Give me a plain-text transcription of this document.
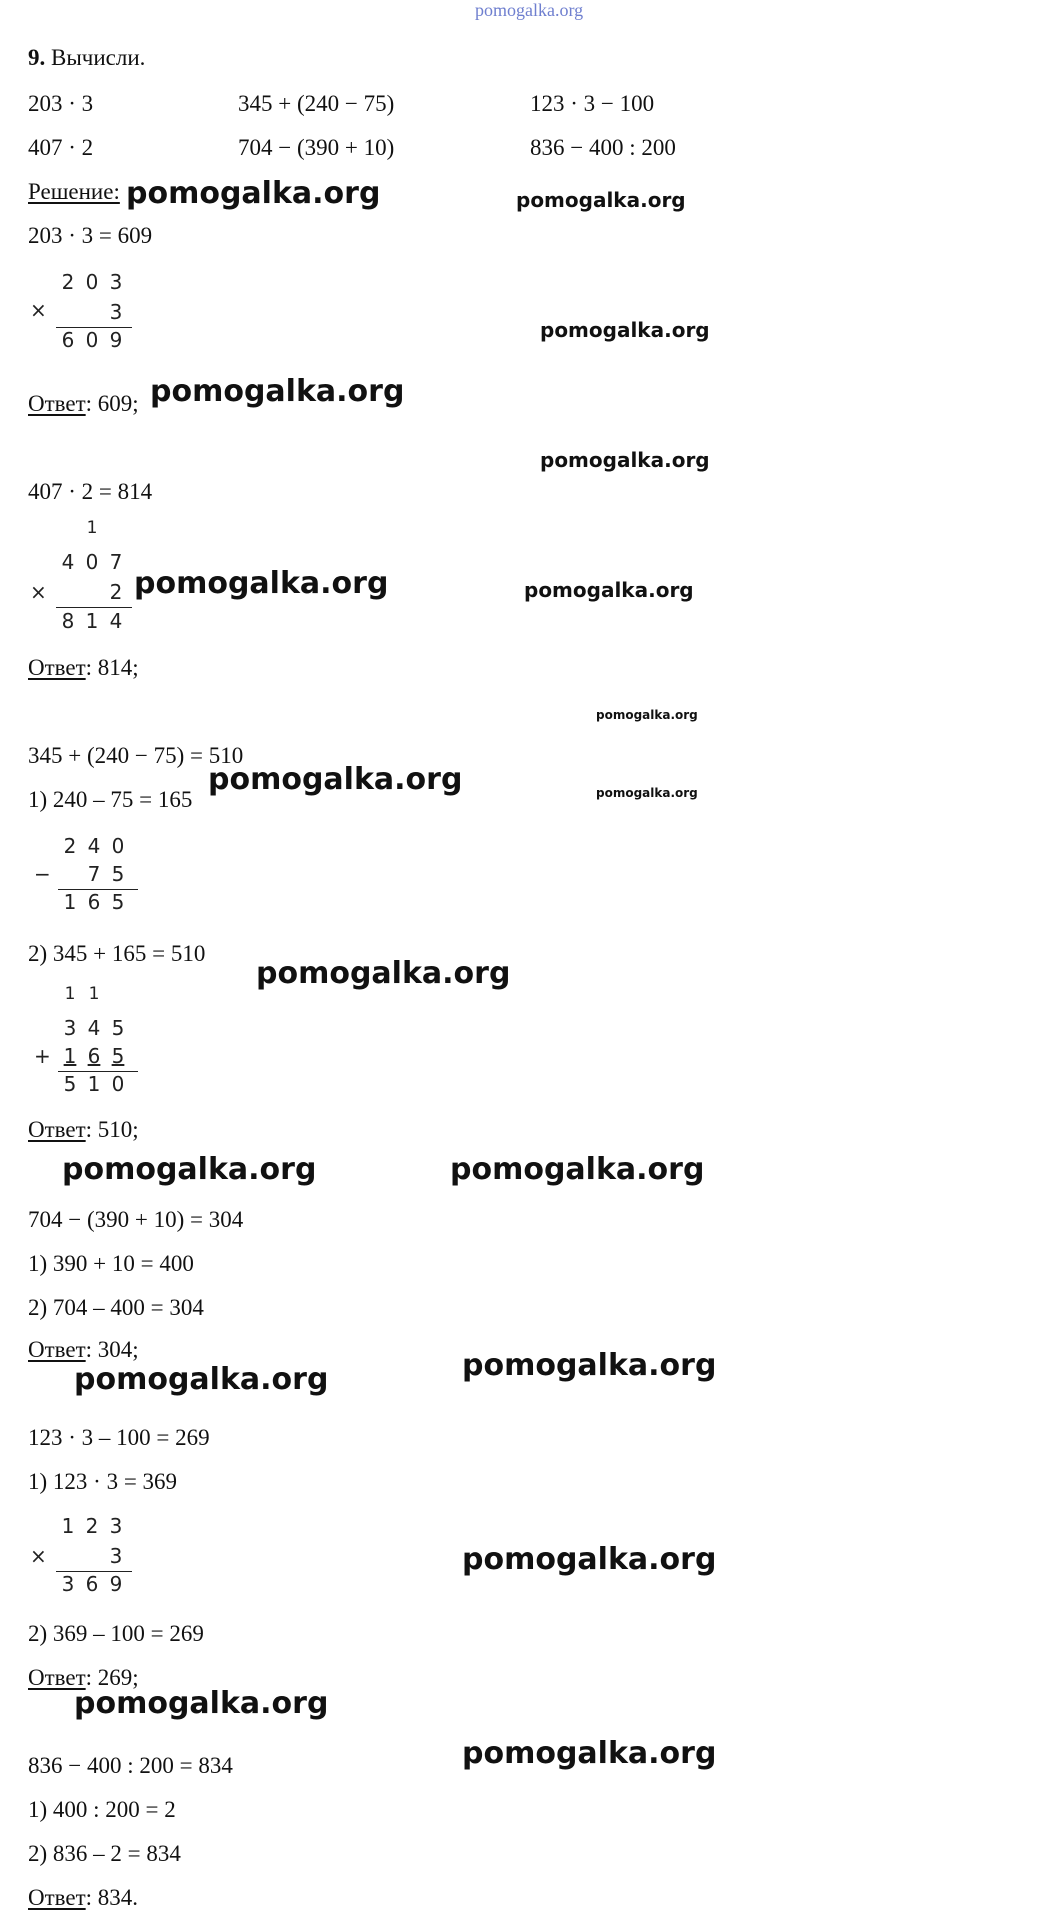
pomogalka.org
9. Вычисли.
203 · 3	345 + (240 − 75)	123 · 3 − 100
407 · 2	704 − (390 + 10)	836 − 400 : 200
Решение:
203 · 3 = 609
×
2 0 3
3
6 0 9
Ответ: 609;
407 · 2 = 814
1
×
4 0 7
2
8 1 4
Ответ: 814;
345 + (240 − 75) = 510
1) 240 – 75 = 165
−
2 4 0
7 5
1 6 5
2) 345 + 165 = 510
1 1
+
3 4 5
1 6 5
5 1 0
Ответ: 510;
704 − (390 + 10) = 304
1) 390 + 10 = 400
2) 704 – 400 = 304
Ответ: 304;
123 · 3 – 100 = 269
1) 123 · 3 = 369
×
1 2 3
3
3 6 9
2) 369 – 100 = 269
Ответ: 269;
836 − 400 : 200 = 834
1) 400 : 200 = 2
2) 836 – 2 = 834
Ответ: 834.
pomogalka.org	pomogalka.org
pomogalka.org
pomogalka.org
pomogalka.org
pomogalka.org	pomogalka.org
pomogalka.org
pomogalka.org	pomogalka.org
pomogalka.org
pomogalka.org	pomogalka.org
pomogalka.org
pomogalka.org
pomogalka.org
pomogalka.org
pomogalka.org
